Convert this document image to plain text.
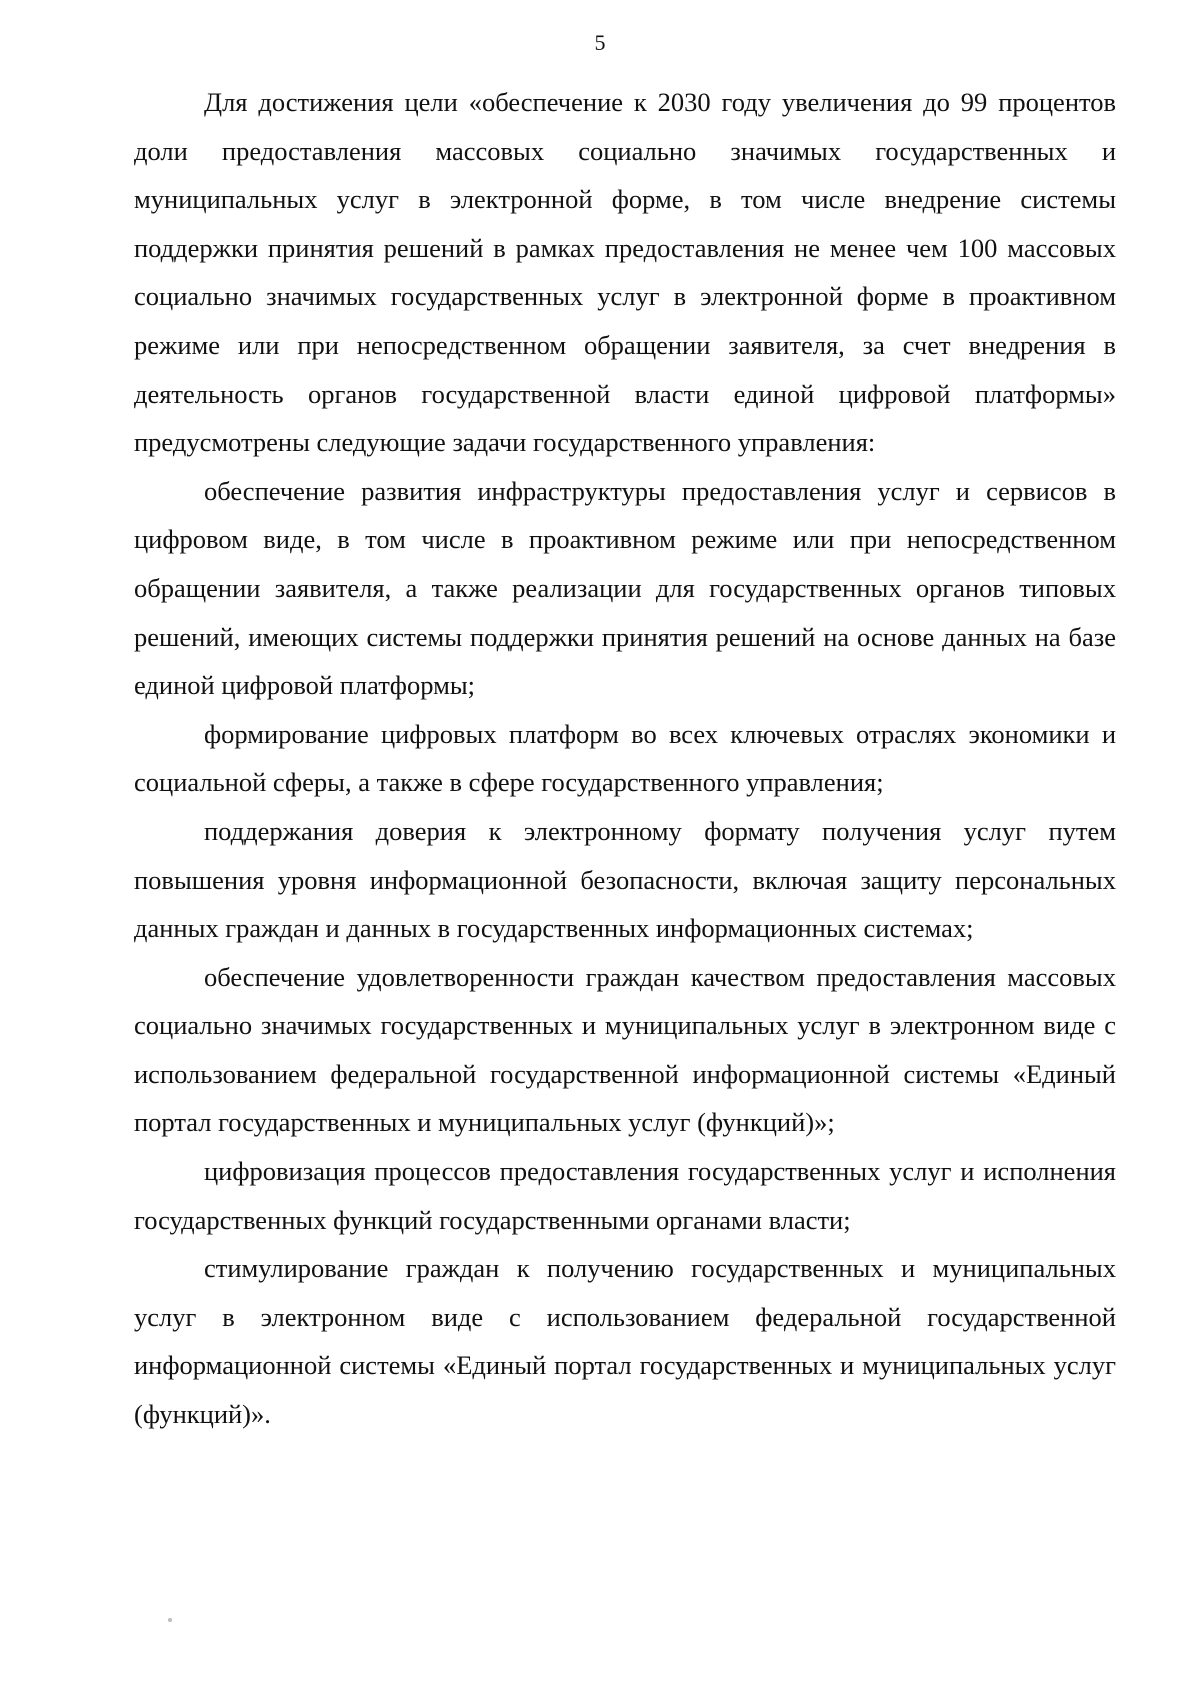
5

Для достижения цели «обеспечение к 2030 году увеличения до 99 процентов доли предоставления массовых социально значимых государственных и муниципальных услуг в электронной форме, в том числе внедрение системы поддержки принятия решений в рамках предоставления не менее чем 100 массовых социально значимых государственных услуг в электронной форме в проактивном режиме или при непосредственном обращении заявителя, за счет внедрения в деятельность органов государственной власти единой цифровой платформы» предусмотрены следующие задачи государственного управления:

обеспечение развития инфраструктуры предоставления услуг и сервисов в цифровом виде, в том числе в проактивном режиме или при непосредственном обращении заявителя, а также реализации для государственных органов типовых решений, имеющих системы поддержки принятия решений на основе данных на базе единой цифровой платформы;

формирование цифровых платформ во всех ключевых отраслях экономики и социальной сферы, а также в сфере государственного управления;

поддержания доверия к электронному формату получения услуг путем повышения уровня информационной безопасности, включая защиту персональных данных граждан и данных в государственных информационных системах;

обеспечение удовлетворенности граждан качеством предоставления массовых социально значимых государственных и муниципальных услуг в электронном виде с использованием федеральной государственной информационной системы «Единый портал государственных и муниципальных услуг (функций)»;

цифровизация процессов предоставления государственных услуг и исполнения государственных функций государственными органами власти;

стимулирование граждан к получению государственных и муниципальных услуг в электронном виде с использованием федеральной государственной информационной системы «Единый портал государственных и муниципальных услуг (функций)».
